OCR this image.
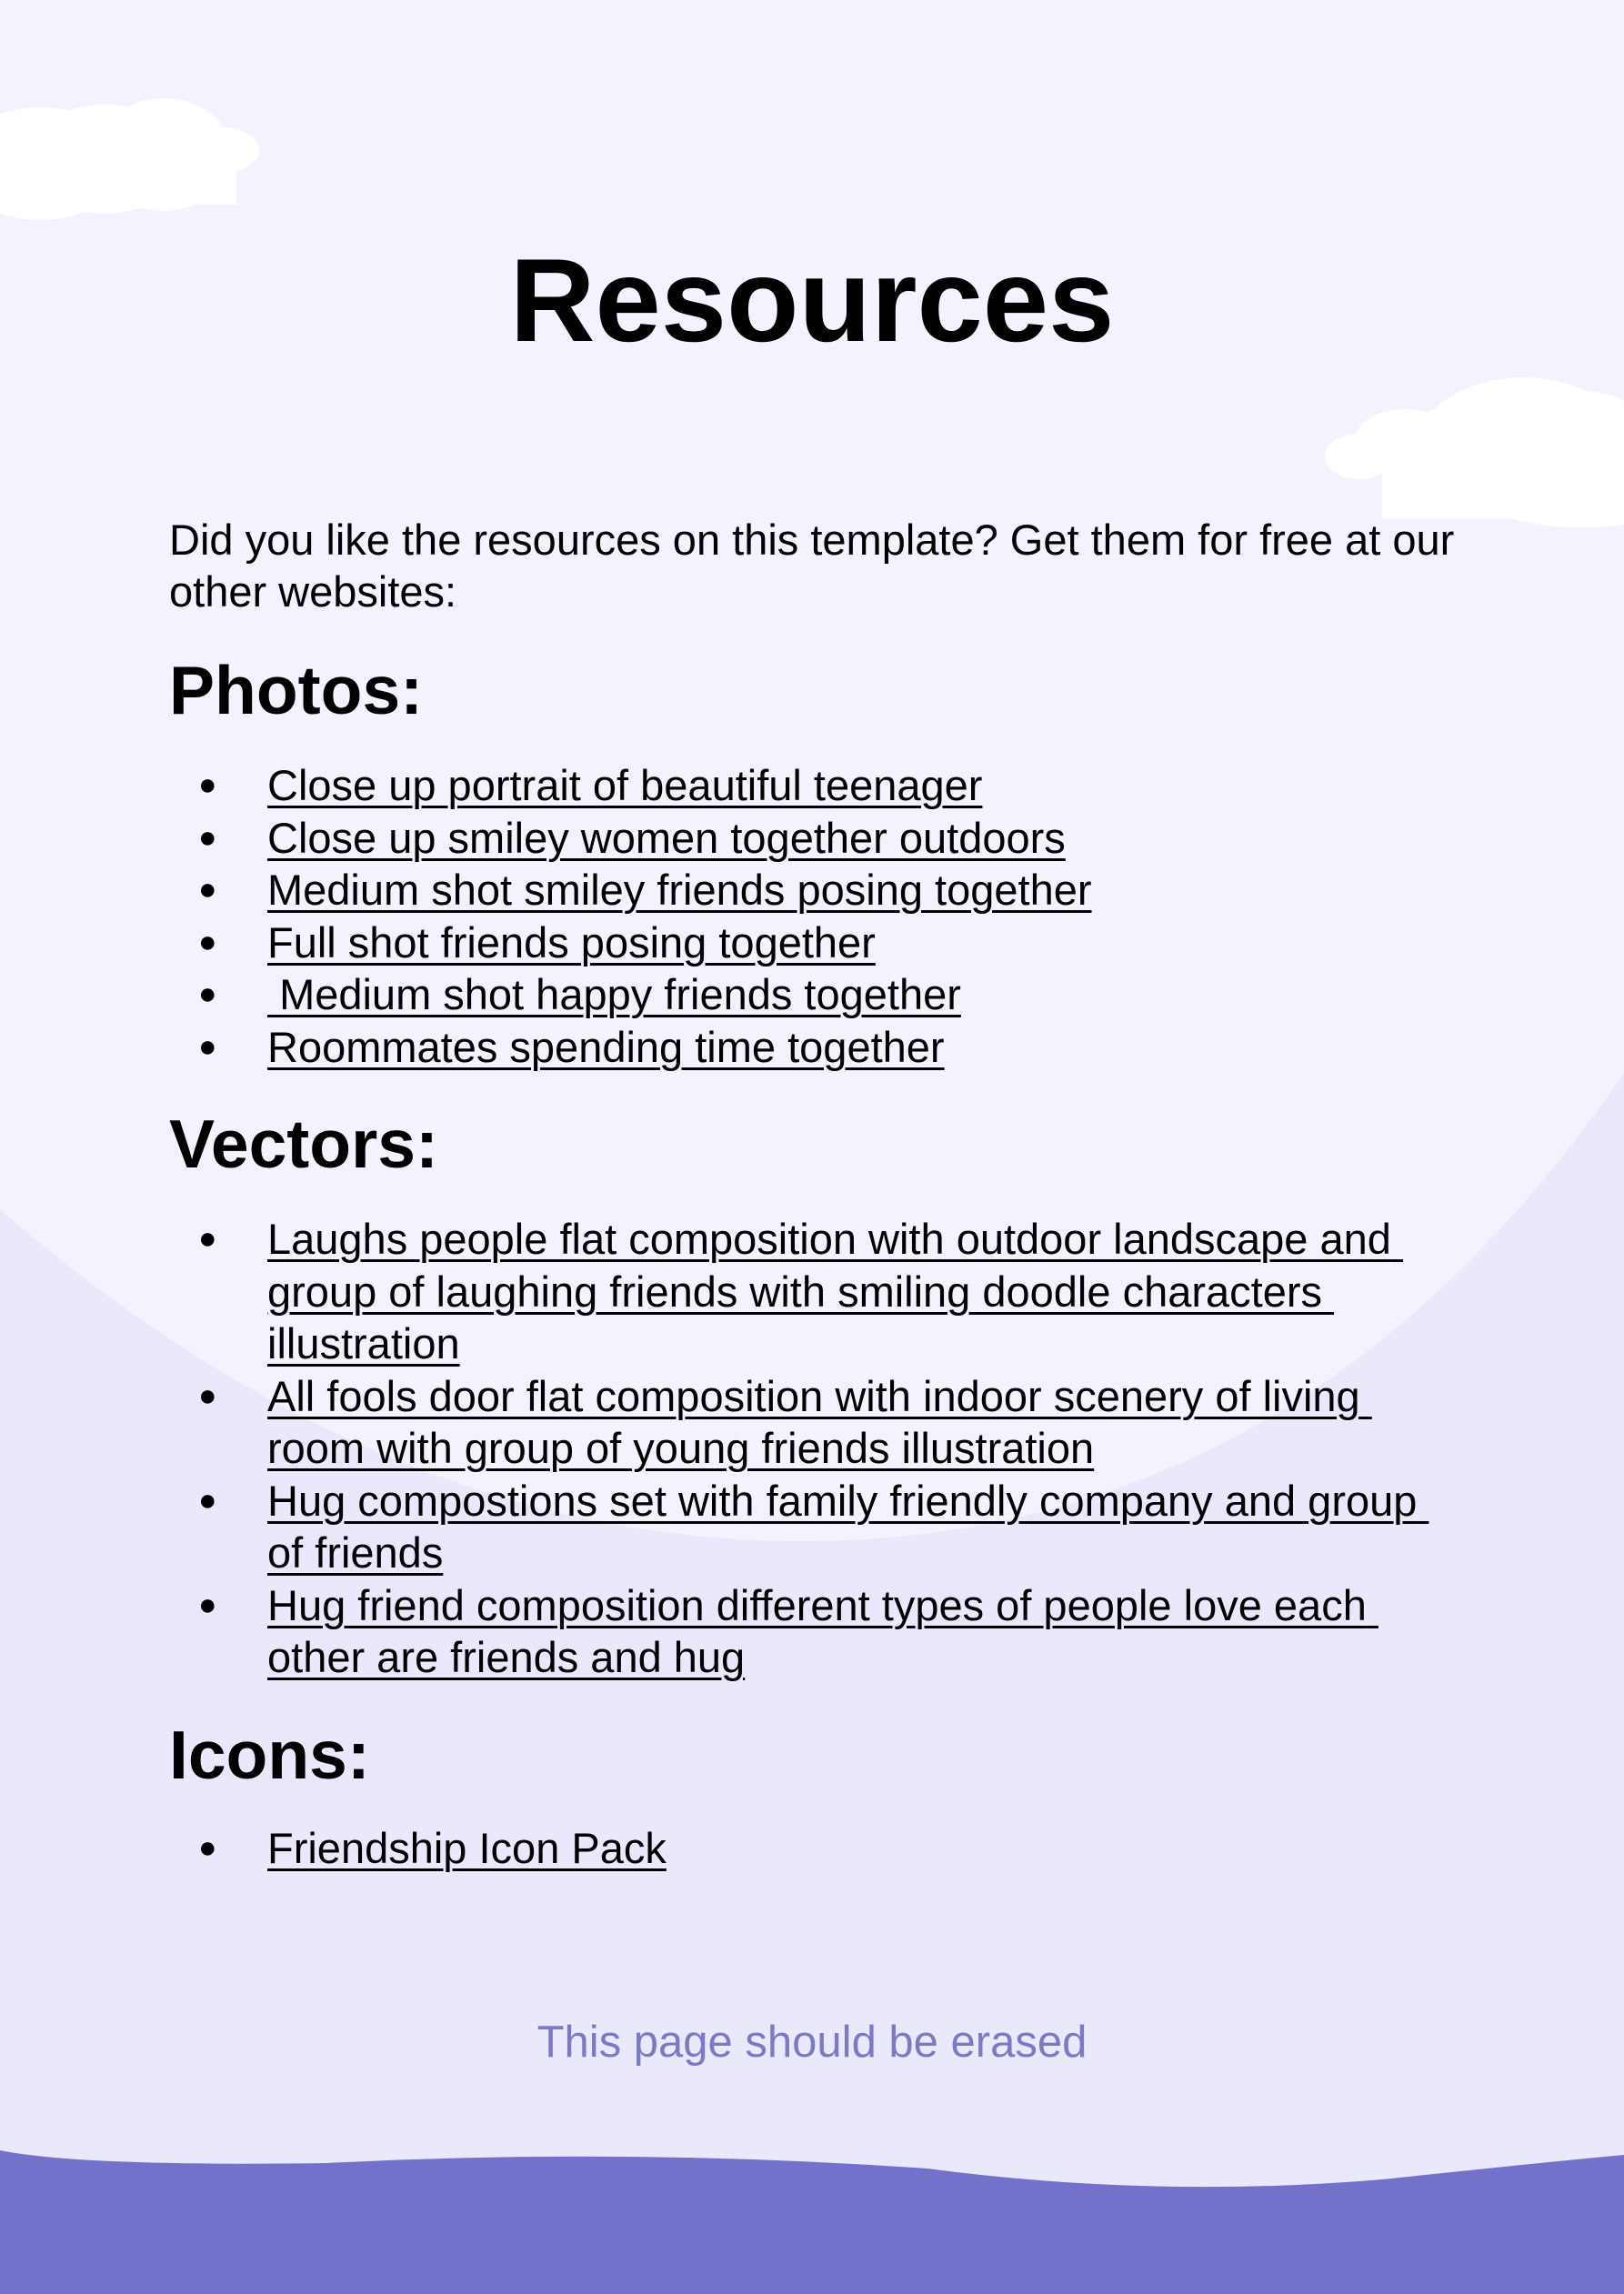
Resources

Did you like the resources on this template? Get them for free at our other websites:

Photos:
● Close up portrait of beautiful teenager
● Close up smiley women together outdoors
● Medium shot smiley friends posing together
● Full shot friends posing together
●  Medium shot happy friends together
● Roommates spending time together
Vectors:
● Laughs people flat composition with outdoor landscape and group of laughing friends with smiling doodle characters illustration
● All fools door flat composition with indoor scenery of living room with group of young friends illustration
● Hug compostions set with family friendly company and group of friends
● Hug friend composition different types of people love each other are friends and hug
Icons:
● Friendship Icon Pack

This page should be erased
